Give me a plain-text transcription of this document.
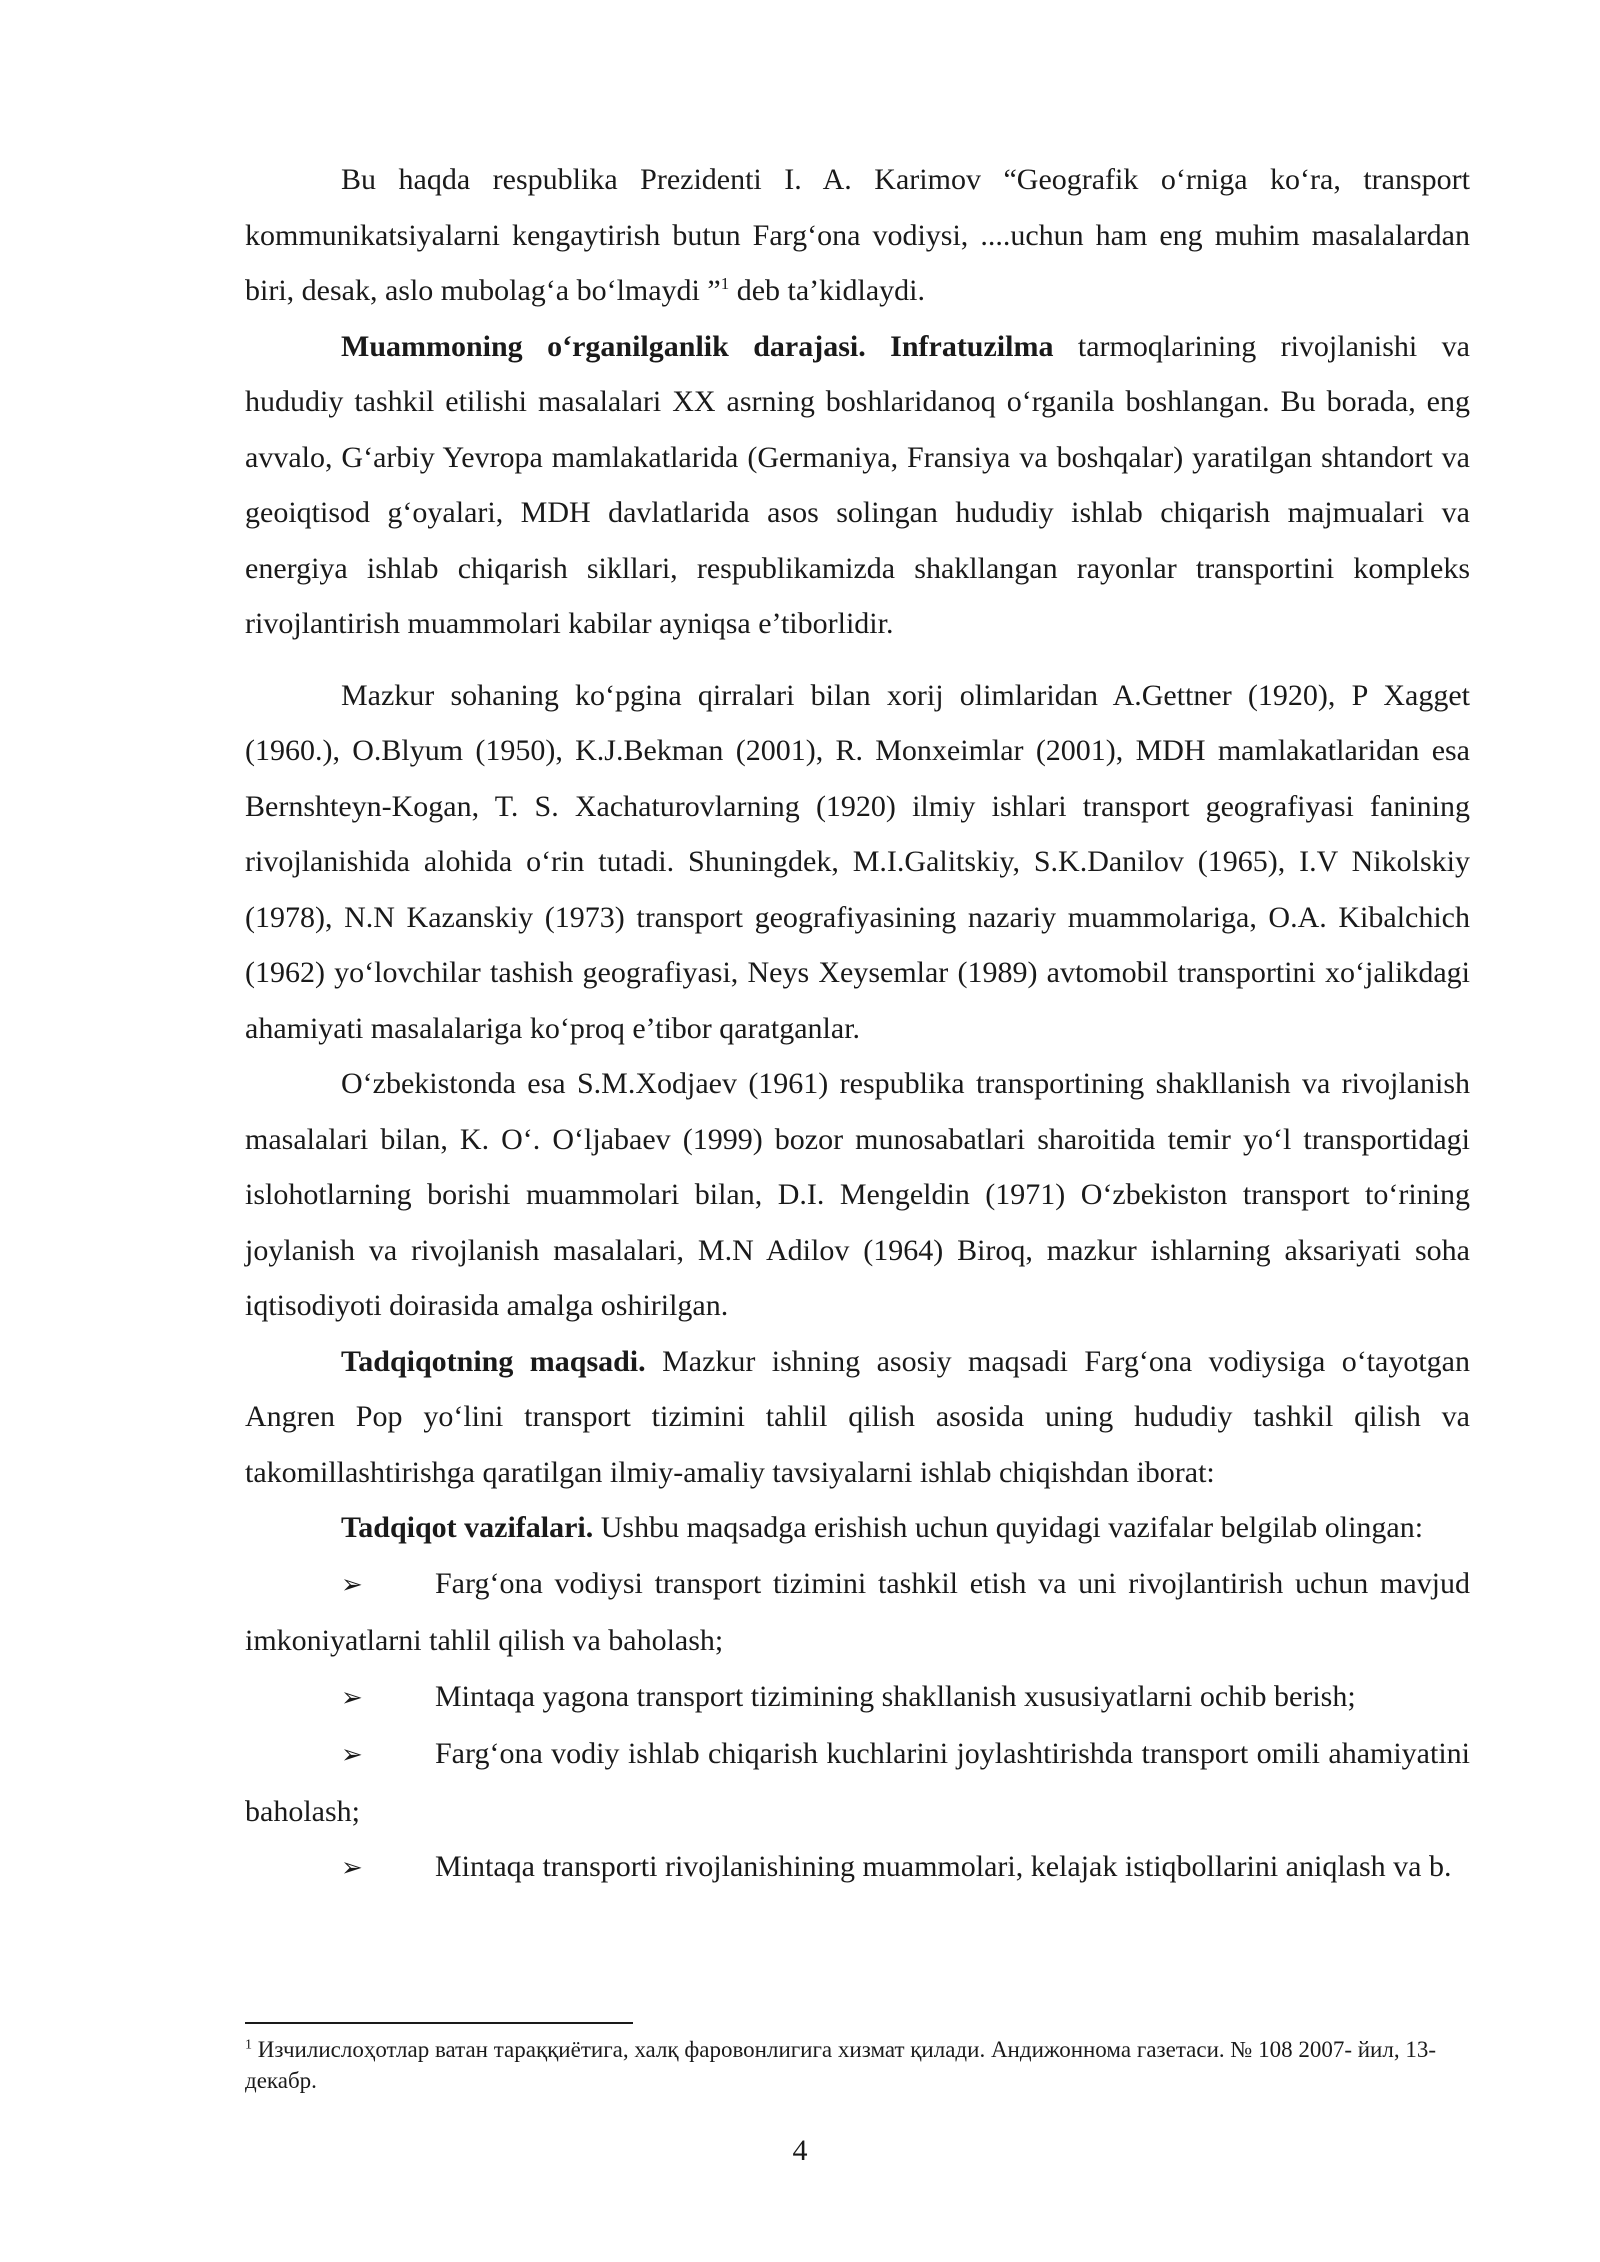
Bu haqda respublika Prezidenti I. A. Karimov “Geografik oʻrniga koʻra, transport kommunikatsiyalarni kengaytirish butun Fargʻona vodiysi, ....uchun ham eng muhim masalalardan biri, desak, aslo mubolagʻa boʻlmaydi ”$^1$ deb ta’kidlaydi.

Muammoning oʻrganilganlik darajasi. Infratuzilma tarmoqlarining rivojlanishi va hududiy tashkil etilishi masalalari XX asrning boshlaridanoq oʻrganila boshlangan. Bu borada, eng avvalo, Gʻarbiy Yevropa mamlakatlarida (Germaniya, Fransiya va boshqalar) yaratilgan shtandort va geoiqtisod gʻoyalari, MDH davlatlarida asos solingan hududiy ishlab chiqarish majmualari va energiya ishlab chiqarish sikllari, respublikamizda shakllangan rayonlar transportini kompleks rivojlantirish muammolari kabilar ayniqsa e’tiborlidir.

Mazkur sohaning koʻpgina qirralari bilan xorij olimlaridan A.Gettner (1920), P Xagget (1960.), O.Blyum (1950), K.J.Bekman (2001), R. Monxeimlar (2001), MDH mamlakatlaridan esa Bernshteyn-Kogan, T. S. Xachaturovlarning (1920) ilmiy ishlari transport geografiyasi fanining rivojlanishida alohida oʻrin tutadi. Shuningdek, M.I.Galitskiy, S.K.Danilov (1965), I.V Nikolskiy (1978), N.N Kazanskiy (1973) transport geografiyasining nazariy muammolariga, O.A. Kibalchich (1962) yoʻlovchilar tashish geografiyasi, Neys Xeysemlar (1989) avtomobil transportini xoʻjalikdagi ahamiyati masalalariga koʻproq e’tibor qaratganlar.

Oʻzbekistonda esa S.M.Xodjaev (1961) respublika transportining shakllanish va rivojlanish masalalari bilan, K. Oʻ. Oʻljabaev (1999) bozor munosabatlari sharoitida temir yoʻl transportidagi islohotlarning borishi muammolari bilan, D.I. Mengeldin (1971) Oʻzbekiston transport toʻrining joylanish va rivojlanish masalalari, M.N Adilov (1964) Biroq, mazkur ishlarning aksariyati soha iqtisodiyoti doirasida amalga oshirilgan.

Tadqiqotning maqsadi. Mazkur ishning asosiy maqsadi Fargʻona vodiysiga oʻtayotgan Angren Pop yoʻlini transport tizimini tahlil qilish asosida uning hududiy tashkil qilish va takomillashtirishga qaratilgan ilmiy-amaliy tavsiyalarni ishlab chiqishdan iborat:

Tadqiqot vazifalari. Ushbu maqsadga erishish uchun quyidagi vazifalar belgilab olingan:

➢ Fargʻona vodiysi transport tizimini tashkil etish va uni rivojlantirish uchun mavjud imkoniyatlarni tahlil qilish va baholash;

➢ Mintaqa yagona transport tizimining shakllanish xususiyatlarni ochib berish;

➢ Fargʻona vodiy ishlab chiqarish kuchlarini joylashtirishda transport omili ahamiyatini baholash;

➢ Mintaqa transporti rivojlanishining muammolari, kelajak istiqbollarini aniqlash va b.

$^1$ Изчилислоҳотлар ватан тараққиётига, халқ фаровонлигига хизмат қилади. Андижонномa газетаси. № 108 2007- йил, 13-декабр.
4
